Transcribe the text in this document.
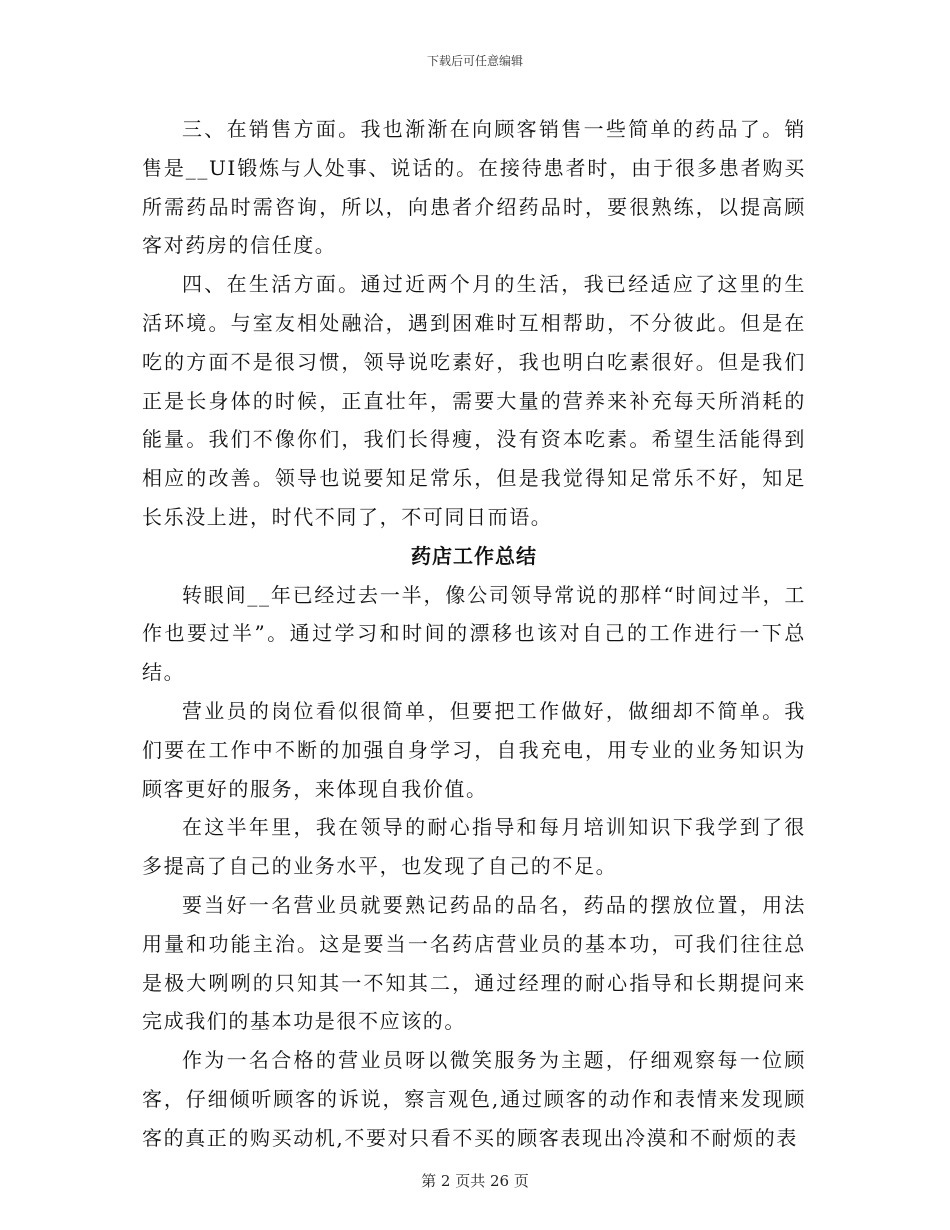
下载后可任意编辑

三、在销售方面。我也渐渐在向顾客销售一些简单的药品了。销售是__UI锻炼与人处事、说话的。在接待患者时，由于很多患者购买所需药品时需咨询，所以，向患者介绍药品时，要很熟练，以提高顾客对药房的信任度。

四、在生活方面。通过近两个月的生活，我已经适应了这里的生活环境。与室友相处融洽，遇到困难时互相帮助，不分彼此。但是在吃的方面不是很习惯，领导说吃素好，我也明白吃素很好。但是我们正是长身体的时候，正直壮年，需要大量的营养来补充每天所消耗的能量。我们不像你们，我们长得瘦，没有资本吃素。希望生活能得到相应的改善。领导也说要知足常乐，但是我觉得知足常乐不好，知足长乐没上进，时代不同了，不可同日而语。

药店工作总结

转眼间__年已经过去一半，像公司领导常说的那样“时间过半，工作也要过半”。通过学习和时间的漂移也该对自己的工作进行一下总结。

营业员的岗位看似很简单，但要把工作做好，做细却不简单。我们要在工作中不断的加强自身学习，自我充电，用专业的业务知识为顾客更好的服务，来体现自我价值。

在这半年里，我在领导的耐心指导和每月培训知识下我学到了很多提高了自己的业务水平，也发现了自己的不足。

要当好一名营业员就要熟记药品的品名，药品的摆放位置，用法用量和功能主治。这是要当一名药店营业员的基本功，可我们往往总是极大咧咧的只知其一不知其二，通过经理的耐心指导和长期提问来完成我们的基本功是很不应该的。

作为一名合格的营业员呀以微笑服务为主题，仔细观察每一位顾客，仔细倾听顾客的诉说，察言观色,通过顾客的动作和表情来发现顾客的真正的购买动机,不要对只看不买的顾客表现出冷漠和不耐烦的表

第 2 页共 26 页
